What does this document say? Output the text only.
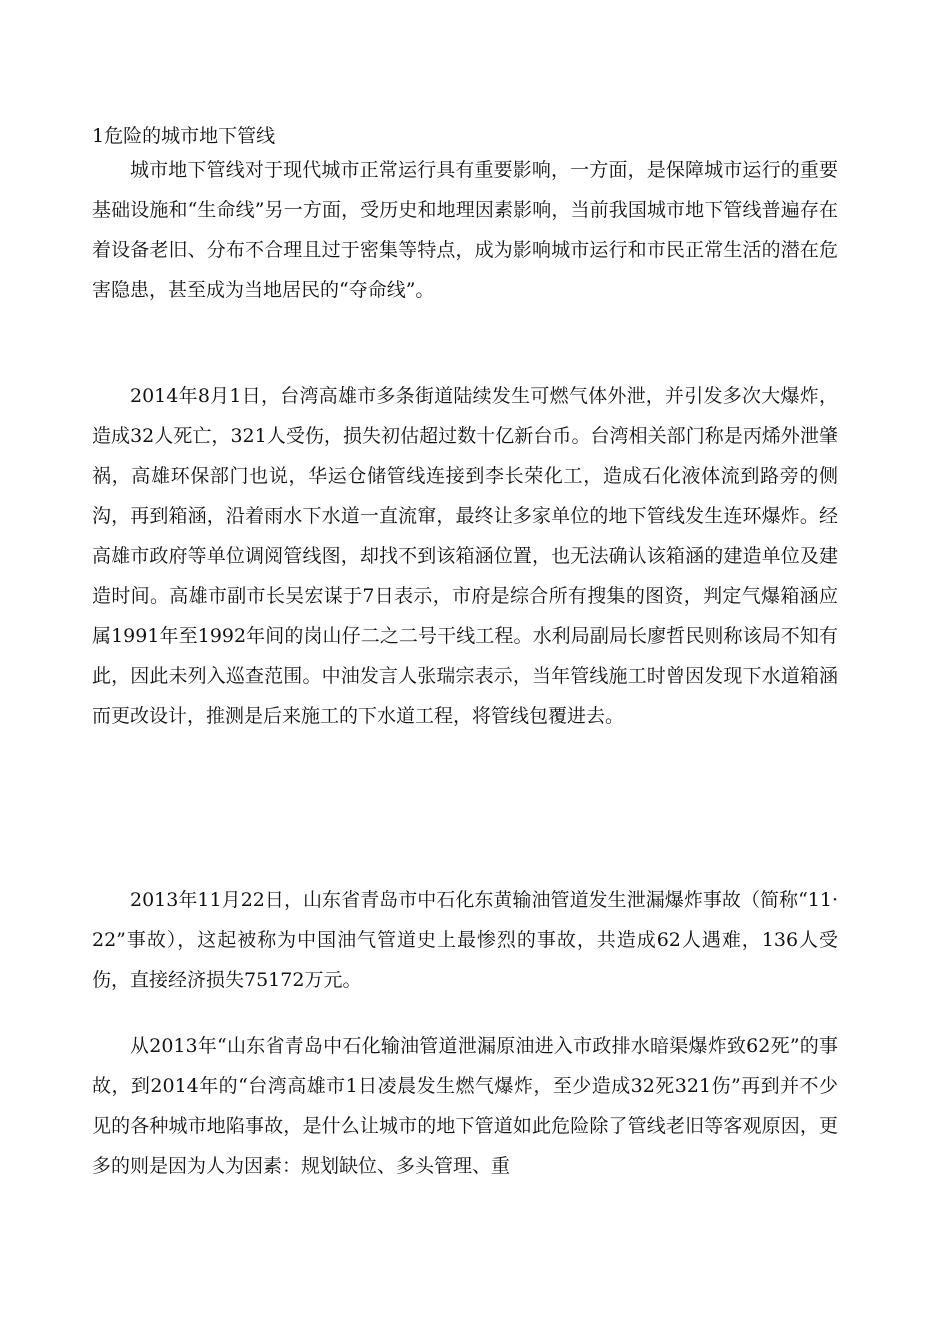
1危险的城市地下管线

城市地下管线对于现代城市正常运行具有重要影响，一方面，是保障城市运行的重要基础设施和“生命线”另一方面，受历史和地理因素影响，当前我国城市地下管线普遍存在着设备老旧、分布不合理且过于密集等特点，成为影响城市运行和市民正常生活的潜在危害隐患，甚至成为当地居民的“夺命线”。

2014年8月1日，台湾高雄市多条街道陆续发生可燃气体外泄，并引发多次大爆炸，造成32人死亡，321人受伤，损失初估超过数十亿新台币。台湾相关部门称是丙烯外泄肇祸，高雄环保部门也说，华运仓储管线连接到李长荣化工，造成石化液体流到路旁的侧沟，再到箱涵，沿着雨水下水道一直流窜，最终让多家单位的地下管线发生连环爆炸。经高雄市政府等单位调阅管线图，却找不到该箱涵位置，也无法确认该箱涵的建造单位及建造时间。高雄市副市长吴宏谋于7日表示，市府是综合所有搜集的图资，判定气爆箱涵应属1991年至1992年间的岗山仔二之二号干线工程。水利局副局长廖哲民则称该局不知有此，因此未列入巡查范围。中油发言人张瑞宗表示，当年管线施工时曾因发现下水道箱涵而更改设计，推测是后来施工的下水道工程，将管线包覆进去。

2013年11月22日，山东省青岛市中石化东黄输油管道发生泄漏爆炸事故（简称“11·22”事故），这起被称为中国油气管道史上最惨烈的事故，共造成62人遇难，136人受伤，直接经济损失75172万元。

从2013年“山东省青岛中石化输油管道泄漏原油进入市政排水暗渠爆炸致62死”的事故，到2014年的“台湾高雄市1日凌晨发生燃气爆炸，至少造成32死321伤”再到并不少见的各种城市地陷事故，是什么让城市的地下管道如此危险除了管线老旧等客观原因，更多的则是因为人为因素：规划缺位、多头管理、重
